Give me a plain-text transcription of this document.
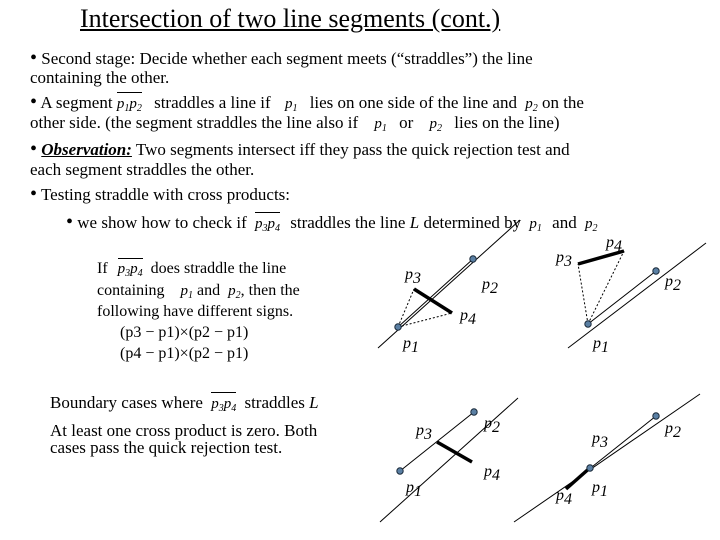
Intersection of two line segments (cont.)
• Second stage: Decide whether each segment meets (“straddles”) the line
containing the other.
• A segment $p_1p_2$ straddles a line if $p_1$ lies on one side of the line and $p_2$ on the
other side. (the segment straddles the line also if $p_1$ or $p_2$ lies on the line)
• Observation: Two segments intersect iff they pass the quick rejection test and
each segment straddles the other.
• Testing straddle with cross products:
• we show how to check if $p_3p_4$ straddles the line L determined by $p_1$ and $p_2$
If $p_3p_4$ does straddle the line
containing $p_1$ and $p_2$, then the
following have different signs.
(p3 − p1)×(p2 − p1)
(p4 − p1)×(p2 − p1)
Boundary cases where $p_3p_4$ straddles L
At least one cross product is zero. Both
cases pass the quick rejection test.
p3	p2
p4
p1
p3
p4
p2
p1
p3
p2
p4
p1
p3
p2
p1
p4
